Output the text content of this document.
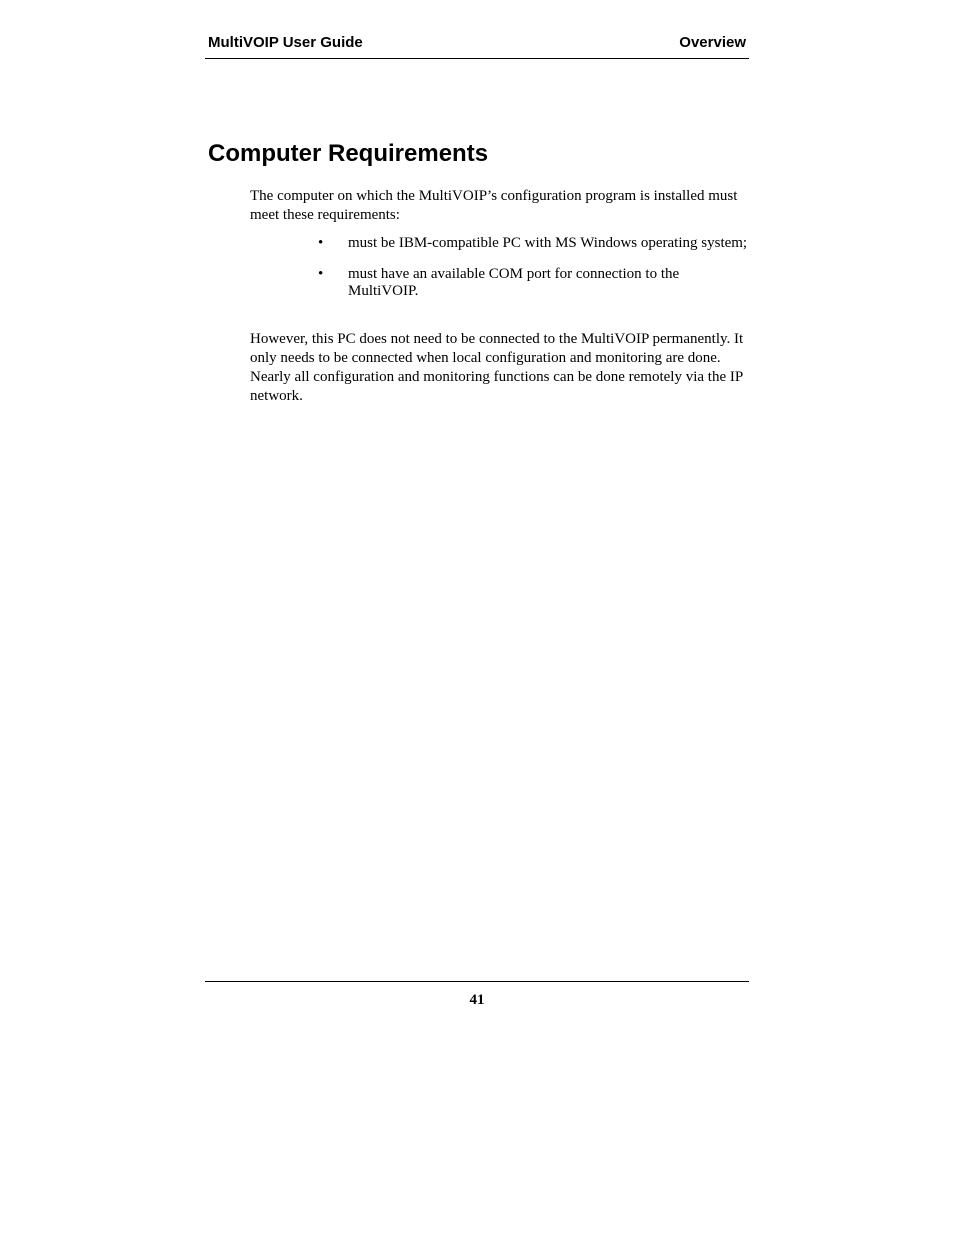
MultiVOIP User Guide	Overview
Computer Requirements

The computer on which the MultiVOIP’s configuration program is installed must meet these requirements:

• must be IBM-compatible PC with MS Windows operating system;
• must have an available COM port for connection to the MultiVOIP.

However, this PC does not need to be connected to the MultiVOIP permanently. It only needs to be connected when local configuration and monitoring are done. Nearly all configuration and monitoring functions can be done remotely via the IP network.

41
